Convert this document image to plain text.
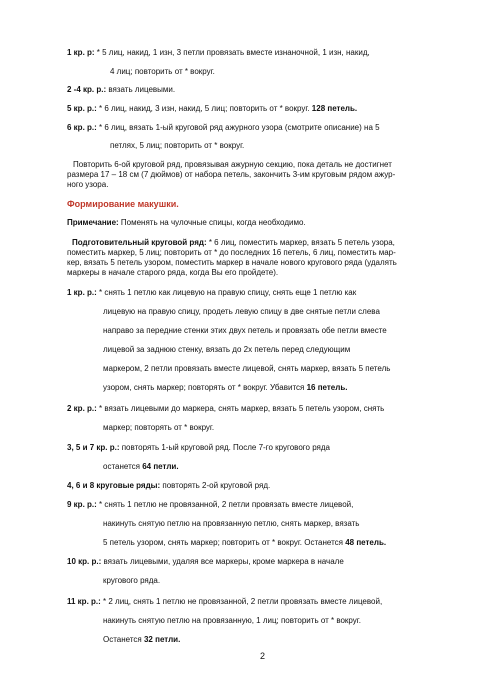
1 кр. р: * 5 лиц, накид, 1 изн, 3 петли провязать вместе изнаночной, 1 изн, накид,
4 лиц; повторить от * вокруг.
2 -4 кр. р.: вязать лицевыми.
5 кр. р.: * 6 лиц, накид, 3 изн, накид, 5 лиц; повторить от * вокруг. 128 петель.
6 кр. р.: * 6 лиц, вязать 1-ый круговой ряд ажурного узора (смотрите описание) на 5
петлях, 5 лиц; повторить от * вокруг.
Повторить 6-ой круговой ряд, провязывая ажурную секцию, пока деталь не достигнет
размера 17 – 18 см (7 дюймов) от набора петель, закончить 3-им круговым рядом ажур-
ного узора.
Формирование макушки.
Примечание: Поменять на чулочные спицы, когда необходимо.
Подготовительный круговой ряд: * 6 лиц, поместить маркер, вязать 5 петель узора,
поместить маркер, 5 лиц; повторить от * до последних 16 петель, 6 лиц, поместить мар-
кер, вязать 5 петель узором, поместить маркер в начале нового кругового ряда (удалять
маркеры в начале старого ряда, когда Вы его пройдете).
1 кр. р.: * снять 1 петлю как лицевую на правую спицу, снять еще 1 петлю как
лицевую на правую спицу, продеть левую спицу в две снятые петли слева
направо за передние стенки этих двух петель и провязать обе петли вместе
лицевой за заднюю стенку, вязать до 2х петель перед следующим
маркером, 2 петли провязать вместе лицевой, снять маркер, вязать 5 петель
узором, снять маркер; повторять от * вокруг. Убавится 16 петель.
2 кр. р.: * вязать лицевыми до маркера, снять маркер, вязать 5 петель узором, снять
маркер; повторять от * вокруг.
3, 5 и 7 кр. р.: повторять 1-ый круговой ряд. После 7-го кругового ряда
останется 64 петли.
4, 6 и 8 круговые ряды: повторять 2-ой круговой ряд.
9 кр. р.: * снять 1 петлю не провязанной, 2 петли провязать вместе лицевой,
накинуть снятую петлю на провязанную петлю, снять маркер, вязать
5 петель узором, снять маркер; повторить от * вокруг. Останется 48 петель.
10 кр. р.: вязать лицевыми, удаляя все маркеры, кроме маркера в начале
кругового ряда.
11 кр. р.: * 2 лиц, снять 1 петлю не провязанной, 2 петли провязать вместе лицевой,
накинуть снятую петлю на провязанную, 1 лиц; повторить от * вокруг.
Останется 32 петли.
2
